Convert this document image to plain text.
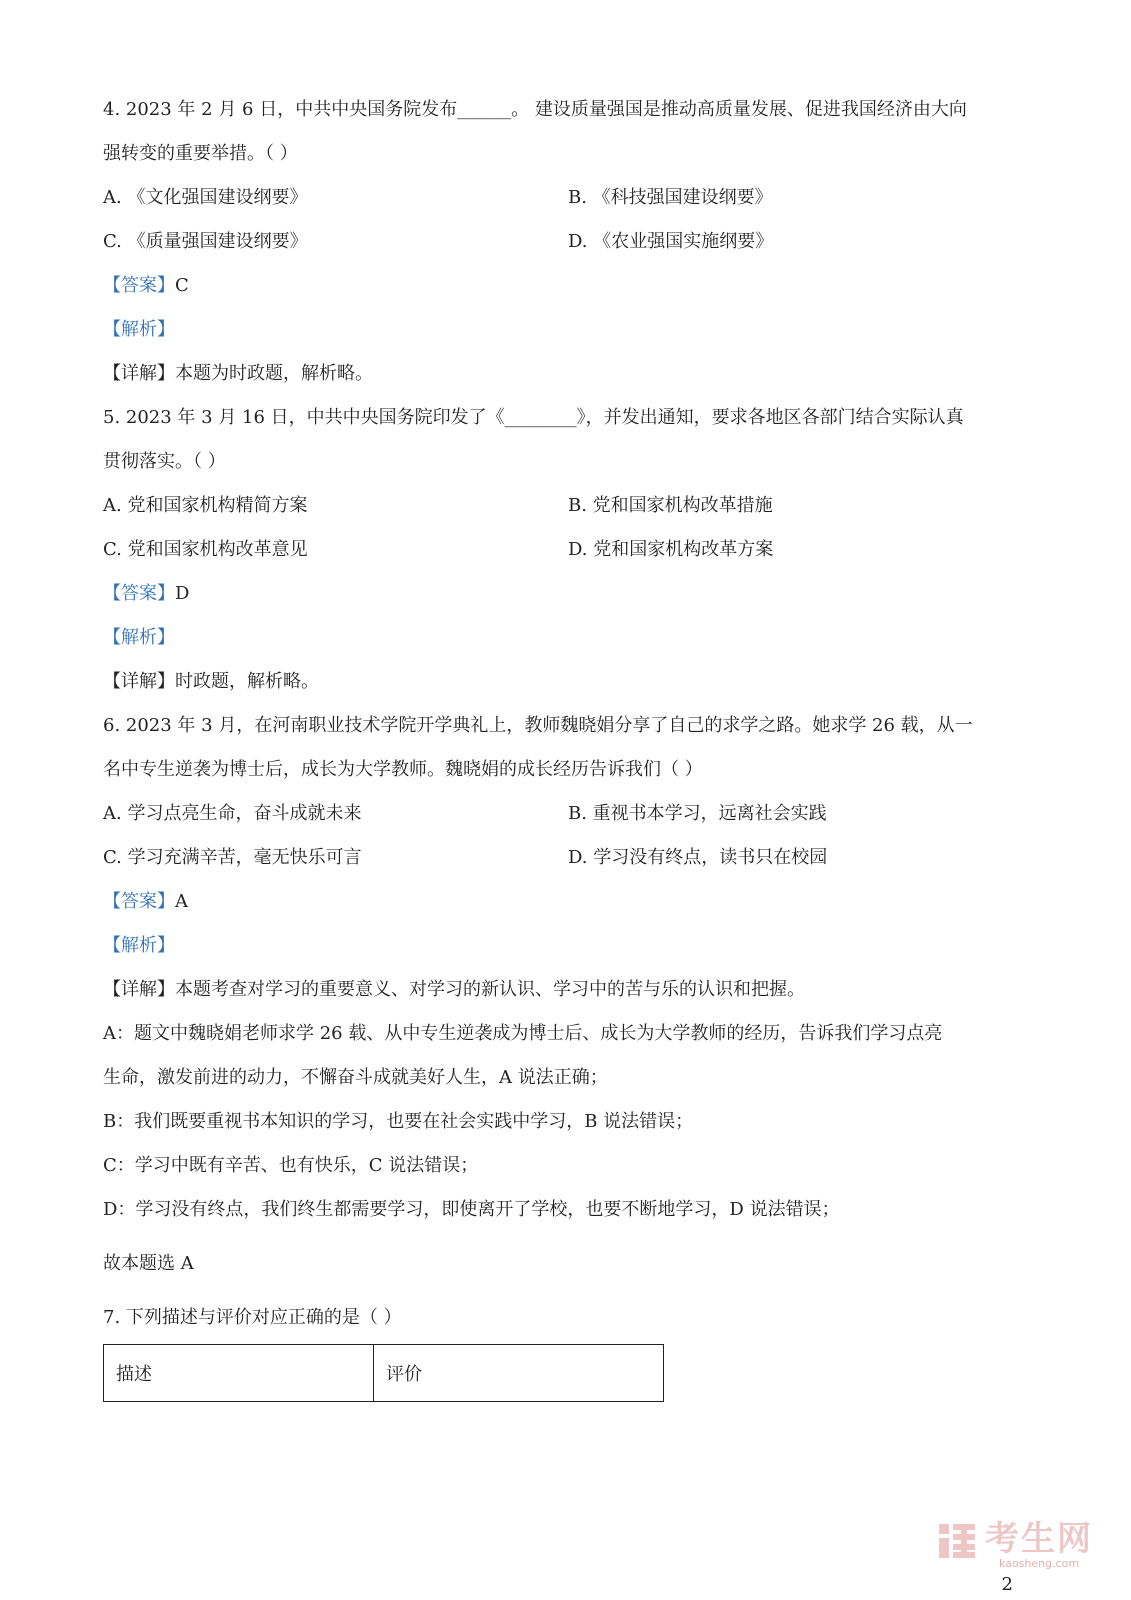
4. 2023 年 2 月 6 日，中共中央国务院发布______。 建设质量强国是推动高质量发展、促进我国经济由大向
强转变的重要举措。（ ）
A. 《文化强国建设纲要》	B. 《科技强国建设纲要》
C. 《质量强国建设纲要》	D. 《农业强国实施纲要》
【答案】C
【解析】
【详解】本题为时政题，解析略。
5. 2023 年 3 月 16 日，中共中央国务院印发了《________》，并发出通知，要求各地区各部门结合实际认真
贯彻落实。（ ）
A. 党和国家机构精简方案	B. 党和国家机构改革措施
C. 党和国家机构改革意见	D. 党和国家机构改革方案
【答案】D
【解析】
【详解】时政题，解析略。
6. 2023 年 3 月，在河南职业技术学院开学典礼上，教师魏晓娟分享了自己的求学之路。她求学 26 载，从一
名中专生逆袭为博士后，成长为大学教师。魏晓娟的成长经历告诉我们（ ）
A. 学习点亮生命，奋斗成就未来	B. 重视书本学习，远离社会实践
C. 学习充满辛苦，毫无快乐可言	D. 学习没有终点，读书只在校园
【答案】A
【解析】
【详解】本题考查对学习的重要意义、对学习的新认识、学习中的苦与乐的认识和把握。
A：题文中魏晓娟老师求学 26 载、从中专生逆袭成为博士后、成长为大学教师的经历，告诉我们学习点亮
生命，激发前进的动力，不懈奋斗成就美好人生，A 说法正确；
B：我们既要重视书本知识的学习，也要在社会实践中学习，B 说法错误；
C：学习中既有辛苦、也有快乐，C 说法错误；
D：学习没有终点，我们终生都需要学习，即使离开了学校，也要不断地学习，D 说法错误；
故本题选 A
7. 下列描述与评价对应正确的是（ ）
描述	评价
考生网
kaosheng.com
2
